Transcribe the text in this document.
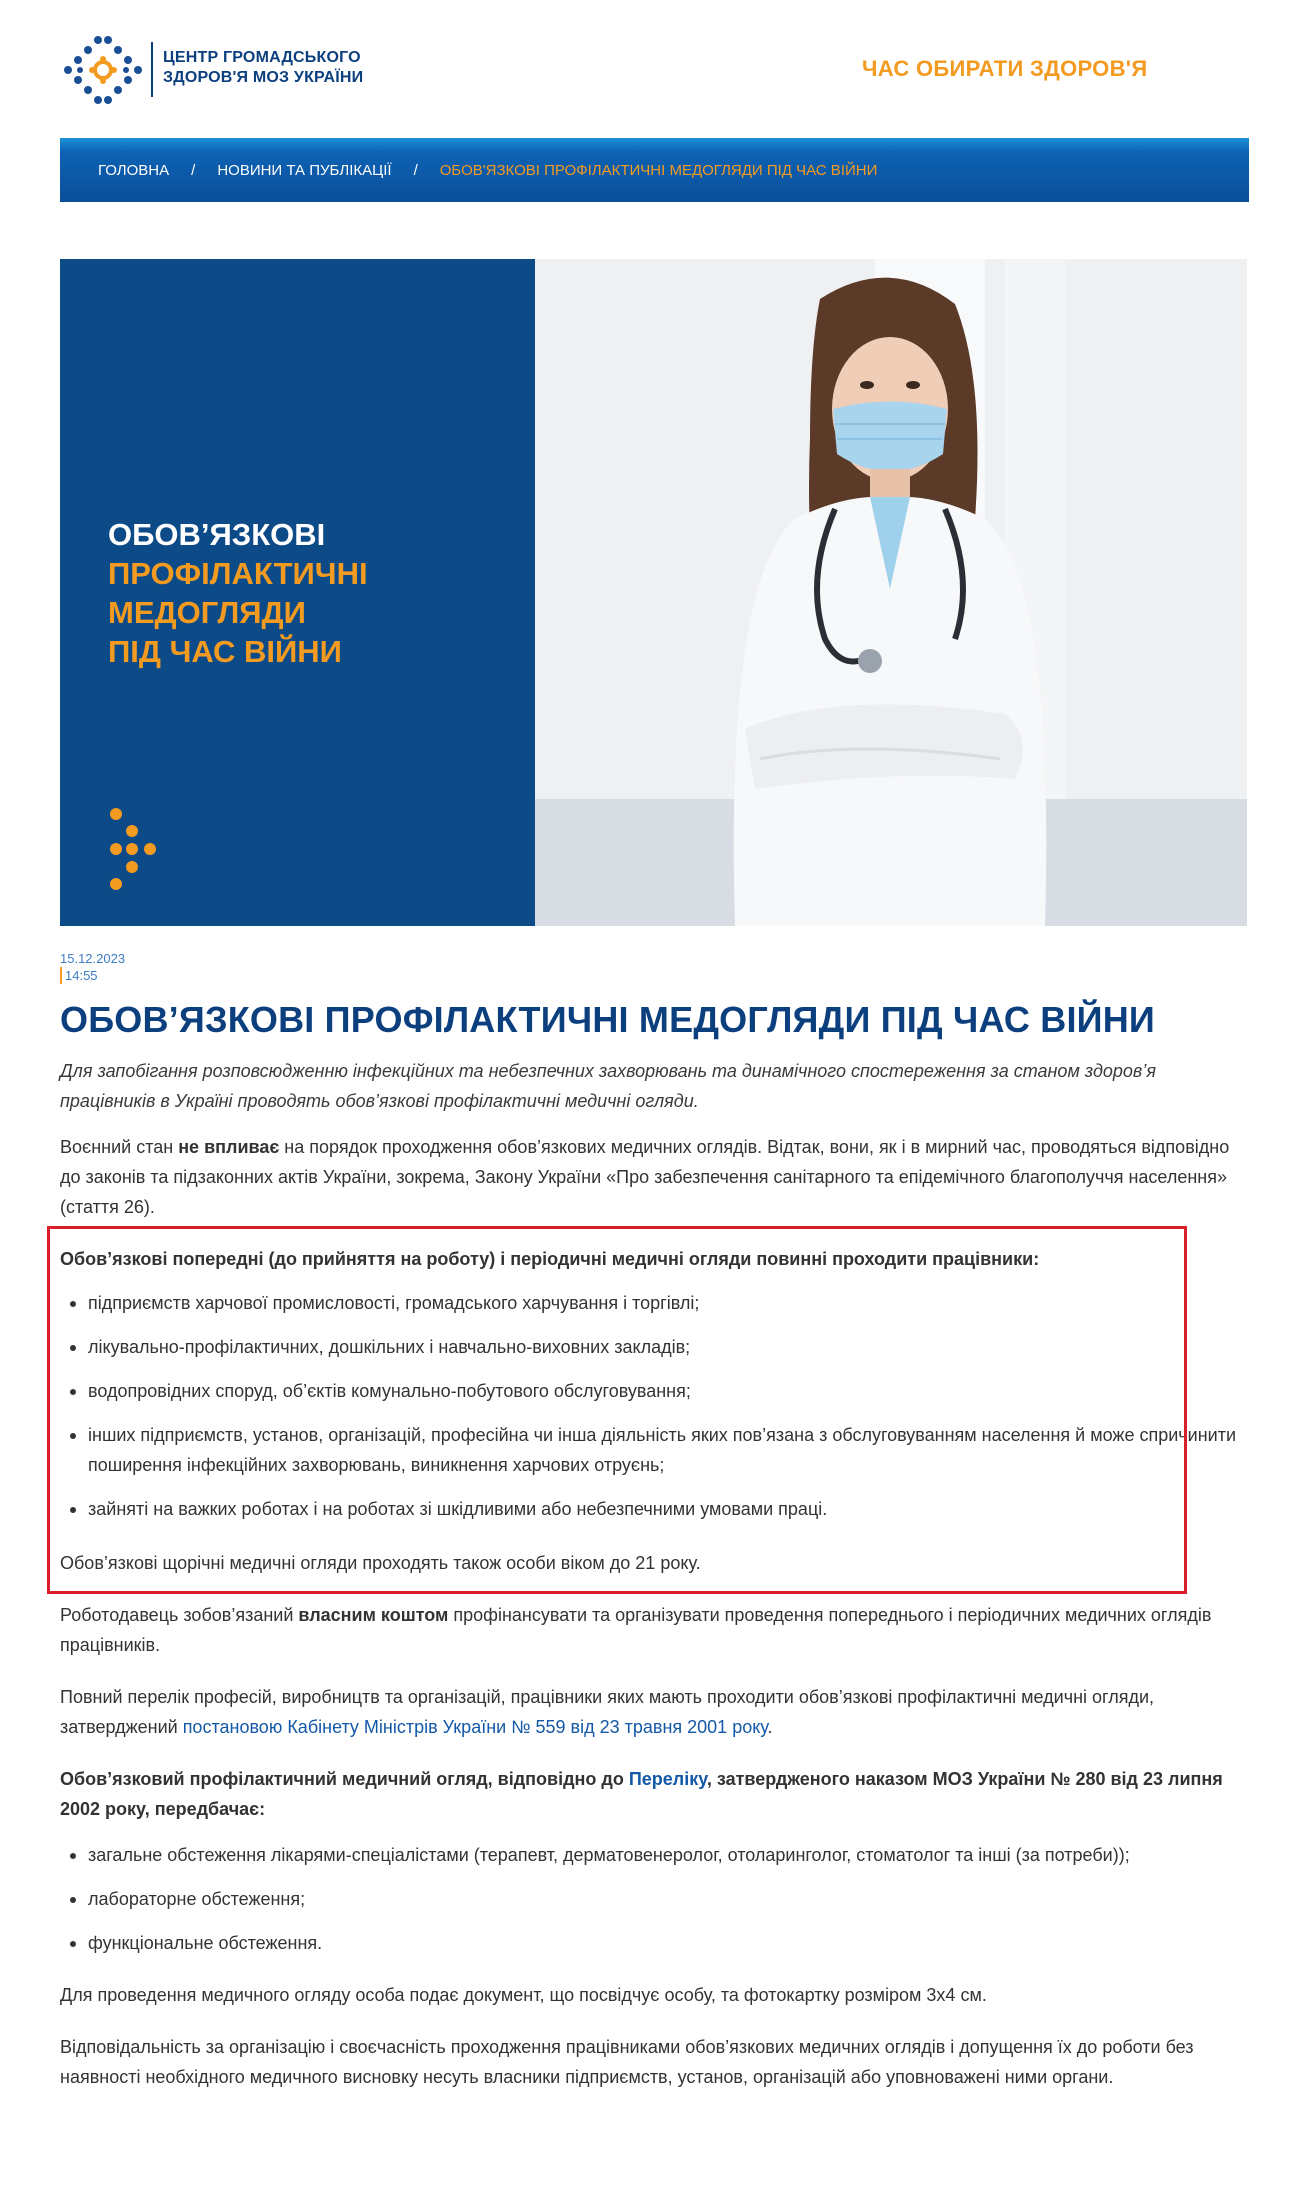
ЦЕНТР ГРОМАДСЬКОГО
ЗДОРОВ'Я МОЗ УКРАЇНИ	ЧАС ОБИРАТИ ЗДОРОВ'Я
ГОЛОВНА / НОВИНИ ТА ПУБЛІКАЦІЇ / ОБОВ'ЯЗКОВІ ПРОФІЛАКТИЧНІ МЕДОГЛЯДИ ПІД ЧАС ВІЙНИ
ОБОВ’ЯЗКОВІ
ПРОФІЛАКТИЧНІ
МЕДОГЛЯДИ
ПІД ЧАС ВІЙНИ
15.12.2023
14:55
ОБОВ’ЯЗКОВІ ПРОФІЛАКТИЧНІ МЕДОГЛЯДИ ПІД ЧАС ВІЙНИ

Для запобігання розповсюдженню інфекційних та небезпечних захворювань та динамічного спостереження за станом здоров’я працівників в Україні проводять обов’язкові профілактичні медичні огляди.

Воєнний стан не впливає на порядок проходження обов’язкових медичних оглядів. Відтак, вони, як і в мирний час, проводяться відповідно до законів та підзаконних актів України, зокрема, Закону України «Про забезпечення санітарного та епідемічного благополуччя населення» (стаття 26).

Обов’язкові попередні (до прийняття на роботу) і періодичні медичні огляди повинні проходити працівники:

підприємств харчової промисловості, громадського харчування і торгівлі;
лікувально-профілактичних, дошкільних і навчально-виховних закладів;
водопровідних споруд, об’єктів комунально-побутового обслуговування;
інших підприємств, установ, організацій, професійна чи інша діяльність яких пов’язана з обслуговуванням населення й може спричинити поширення інфекційних захворювань, виникнення харчових отруєнь;
зайняті на важких роботах і на роботах зі шкідливими або небезпечними умовами праці.

Обов’язкові щорічні медичні огляди проходять також особи віком до 21 року.

Роботодавець зобов’язаний власним коштом профінансувати та організувати проведення попереднього і періодичних медичних оглядів працівників.

Повний перелік професій, виробництв та організацій, працівники яких мають проходити обов’язкові профілактичні медичні огляди, затверджений постановою Кабінету Міністрів України № 559 від 23 травня 2001 року.

Обов’язковий профілактичний медичний огляд, відповідно до Переліку, затвердженого наказом МОЗ України № 280 від 23 липня 2002 року, передбачає:

загальне обстеження лікарями-спеціалістами (терапевт, дерматовенеролог, отоларинголог, стоматолог та інші (за потреби));
лабораторне обстеження;
функціональне обстеження.

Для проведення медичного огляду особа подає документ, що посвідчує особу, та фотокартку розміром 3х4 см.

Відповідальність за організацію і своєчасність проходження працівниками обов’язкових медичних оглядів і допущення їх до роботи без наявності необхідного медичного висновку несуть власники підприємств, установ, організацій або уповноважені ними органи.
